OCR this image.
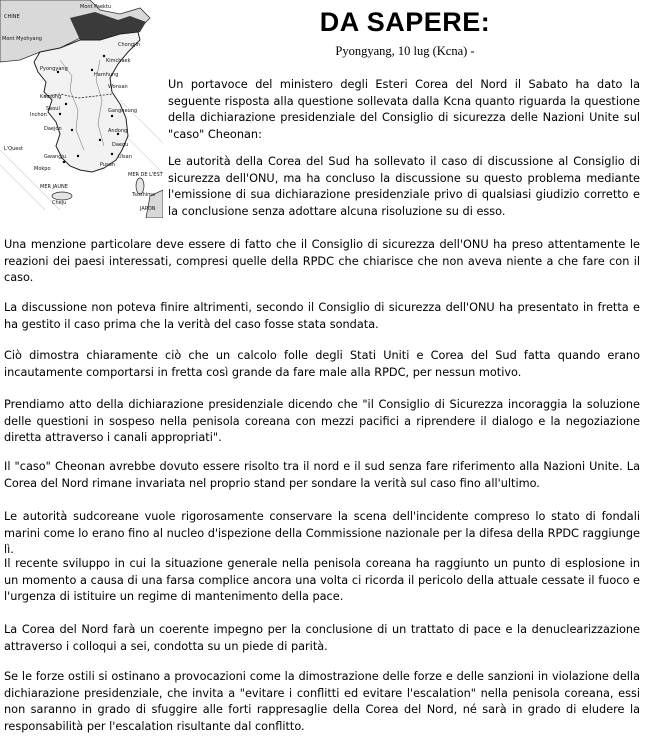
Mont Paektu
CHINE
Mont Myohyang
Chongjin
Kimchaek
Hamhung
Pyongyang
Wonsan
Kaesong
Seoul
Inchon
Gangneung
Daejon	Andong
Daegu
Ulsan
Pusan
Gwangju
Mokpo
L'Quest
MER JAUNE
Cheju
MER DE L'EST
Tsushima
JAPON
DA SAPERE:
Pyongyang, 10 lug (Kcna) -

Un portavoce del ministero degli Esteri Corea del Nord il Sabato ha dato la seguente risposta alla questione sollevata dalla Kcna quanto riguarda la questione della dichiarazione presidenziale del Consiglio di sicurezza delle Nazioni Unite sul "caso" Cheonan:

Le autorità della Corea del Sud ha sollevato il caso di discussione al Consiglio di sicurezza dell'ONU, ma ha concluso la discussione su questo problema mediante l'emissione di sua dichiarazione presidenziale privo di qualsiasi giudizio corretto e la conclusione senza adottare alcuna risoluzione su di esso.

Una menzione particolare deve essere di fatto che il Consiglio di sicurezza dell'ONU ha preso attentamente le reazioni dei paesi interessati, compresi quelle della RPDC che chiarisce che non aveva niente a che fare con il caso.

La discussione non poteva finire altrimenti, secondo il Consiglio di sicurezza dell'ONU ha presentato in fretta e ha gestito il caso prima che la verità del caso fosse stata sondata.

Ciò dimostra chiaramente ciò che un calcolo folle degli Stati Uniti e Corea del Sud fatta quando erano incautamente comportarsi in fretta così grande da fare male alla RPDC, per nessun motivo.

Prendiamo atto della dichiarazione presidenziale dicendo che "il Consiglio di Sicurezza incoraggia la soluzione delle questioni in sospeso nella penisola coreana con mezzi pacifici a riprendere il dialogo e la negoziazione diretta attraverso i canali appropriati".

Il "caso" Cheonan avrebbe dovuto essere risolto tra il nord e il sud senza fare riferimento alla Nazioni Unite. La Corea del Nord rimane invariata nel proprio stand per sondare la verità sul caso fino all'ultimo.

Le autorità sudcoreane vuole rigorosamente conservare la scena dell'incidente compreso lo stato di fondali marini come lo erano fino al nucleo d'ispezione della Commissione nazionale per la difesa della RPDC raggiunge lì.

Il recente sviluppo in cui la situazione generale nella penisola coreana ha raggiunto un punto di esplosione in un momento a causa di una farsa complice ancora una volta ci ricorda il pericolo della attuale cessate il fuoco e l'urgenza di istituire un regime di mantenimento della pace.

La Corea del Nord farà un coerente impegno per la conclusione di un trattato di pace e la denuclearizzazione attraverso i colloqui a sei, condotta su un piede di parità.

Se le forze ostili si ostinano a provocazioni come la dimostrazione delle forze e delle sanzioni in violazione della dichiarazione presidenziale, che invita a "evitare i conflitti ed evitare l'escalation" nella penisola coreana, essi non saranno in grado di sfuggire alle forti rappresaglie della Corea del Nord, né sarà in grado di eludere la responsabilità per l'escalation risultante dal conflitto.
